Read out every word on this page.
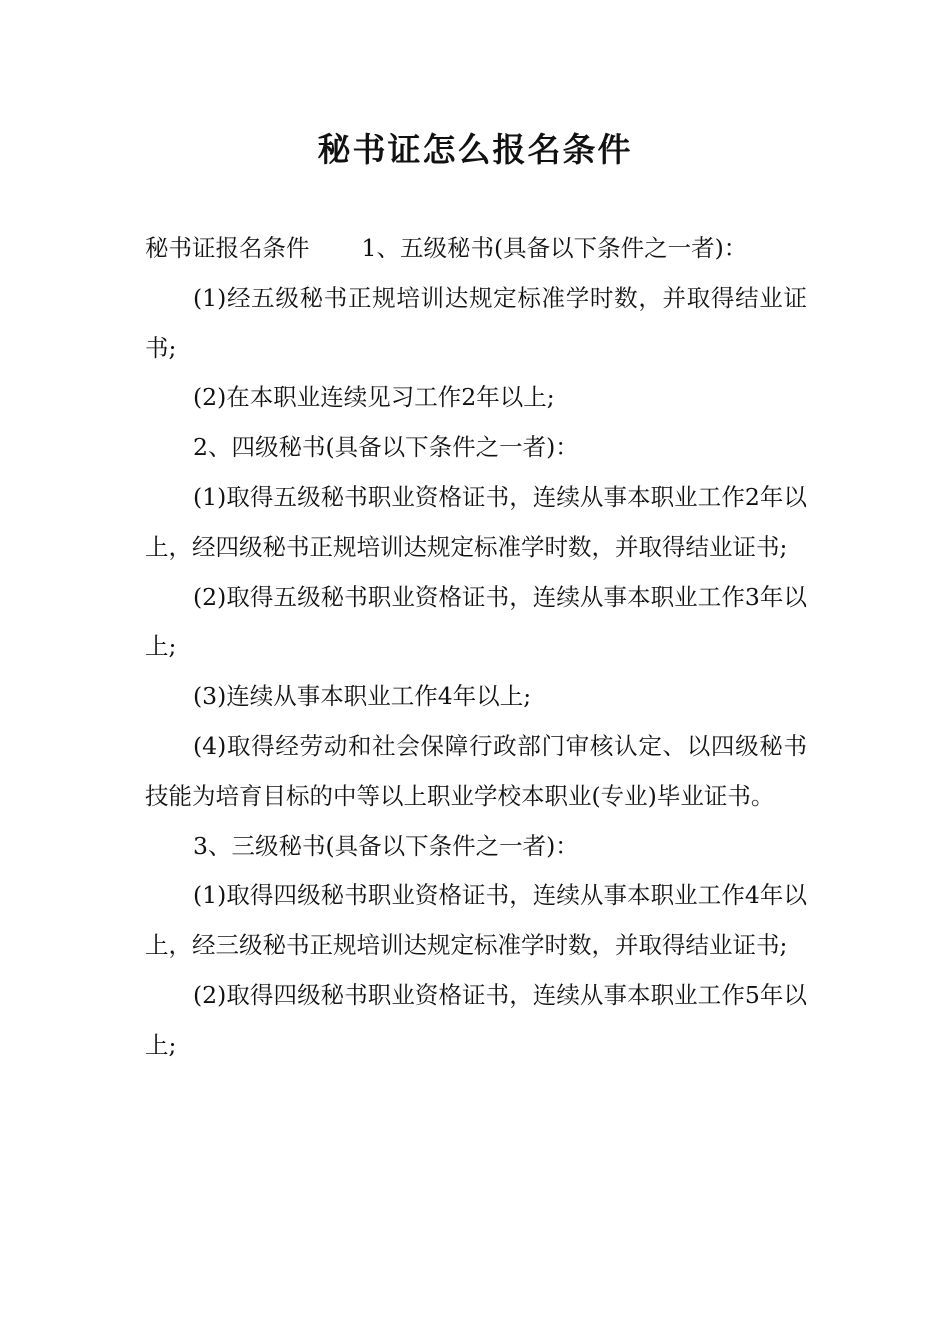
秘书证怎么报名条件

秘书证报名条件 1、五级秘书(具备以下条件之一者)：

(1)经五级秘书正规培训达规定标准学时数，并取得结业证书;

(2)在本职业连续见习工作2年以上;

2、四级秘书(具备以下条件之一者)：

(1)取得五级秘书职业资格证书，连续从事本职业工作2年以上，经四级秘书正规培训达规定标准学时数，并取得结业证书;

(2)取得五级秘书职业资格证书，连续从事本职业工作3年以上;

(3)连续从事本职业工作4年以上;

(4)取得经劳动和社会保障行政部门审核认定、以四级秘书技能为培育目标的中等以上职业学校本职业(专业)毕业证书。

3、三级秘书(具备以下条件之一者)：

(1)取得四级秘书职业资格证书，连续从事本职业工作4年以上，经三级秘书正规培训达规定标准学时数，并取得结业证书;

(2)取得四级秘书职业资格证书，连续从事本职业工作5年以上;
